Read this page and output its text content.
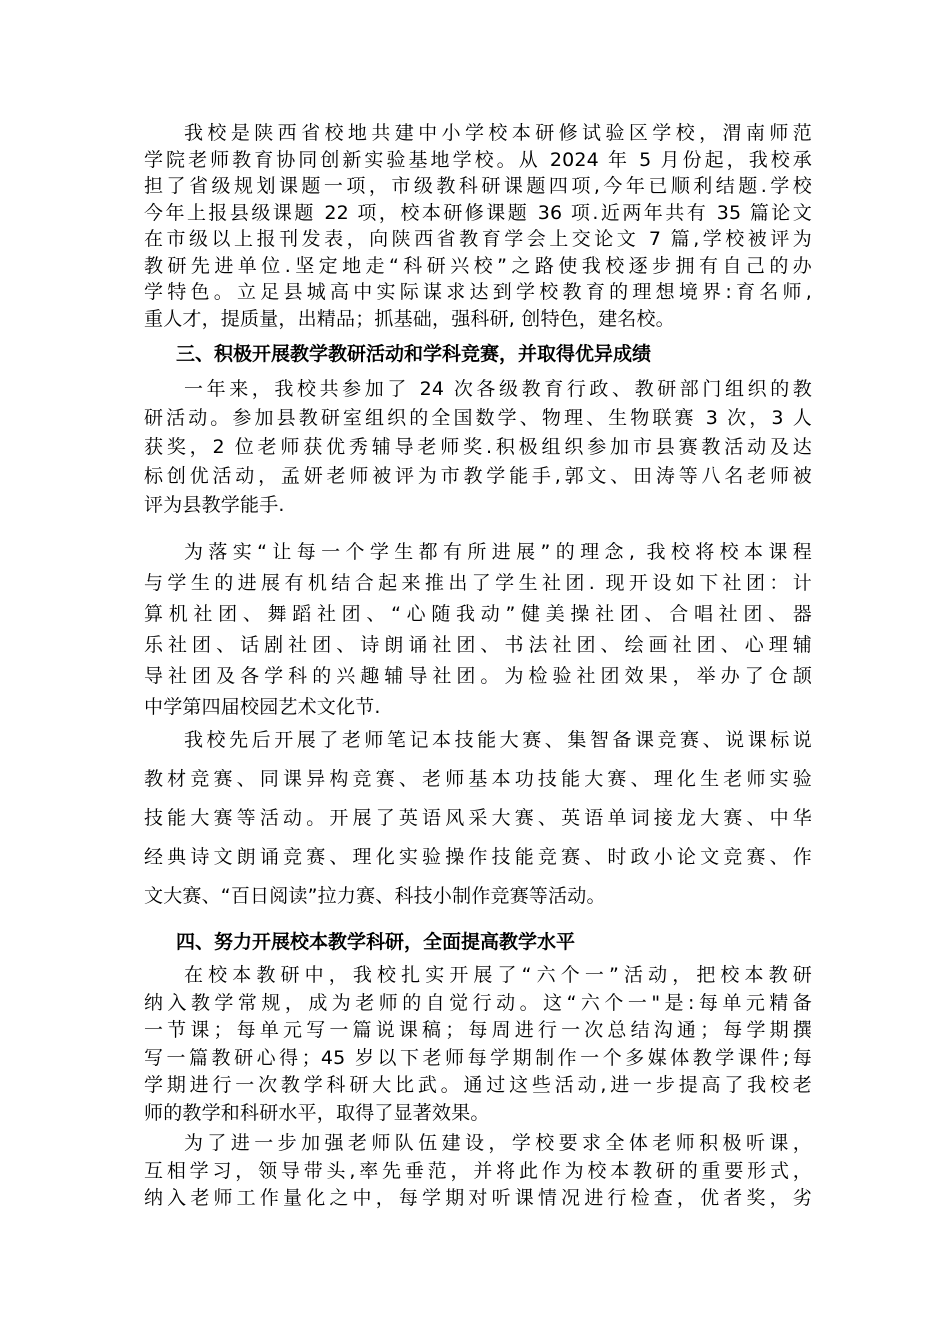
我校是陕西省校地共建中小学校本研修试验区学校，渭南师范
学院老师教育协同创新实验基地学校。从 2024 年 5 月份起，我校承
担了省级规划课题一项，市级教科研课题四项,今年已顺利结题.学校
今年上报县级课题 22 项，校本研修课题 36 项.近两年共有 35 篇论文
在市级以上报刊发表，向陕西省教育学会上交论文 7 篇,学校被评为
教研先进单位.坚定地走“科研兴校”之路使我校逐步拥有自己的办
学特色。立足县城高中实际谋求达到学校教育的理想境界:育名师,
重人才，提质量，出精品；抓基础，强科研, 创特色，建名校。
三、积极开展教学教研活动和学科竞赛，并取得优异成绩
一年来，我校共参加了 24 次各级教育行政、教研部门组织的教
研活动。参加县教研室组织的全国数学、物理、生物联赛 3 次，3 人
获奖，2 位老师获优秀辅导老师奖.积极组织参加市县赛教活动及达
标创优活动，孟妍老师被评为市教学能手,郭文、田涛等八名老师被
评为县教学能手.
为落实“让每一个学生都有所进展”的理念, 我校将校本课程
与学生的进展有机结合起来推出了学生社团. 现开设如下社团：计
算机社团、舞蹈社团、“心随我动”健美操社团、合唱社团、器
乐社团、话剧社团、诗朗诵社团、书法社团、绘画社团、心理辅
导社团及各学科的兴趣辅导社团。为检验社团效果，举办了仓颉
中学第四届校园艺术文化节.
我校先后开展了老师笔记本技能大赛、集智备课竞赛、说课标说
教材竞赛、同课异构竞赛、老师基本功技能大赛、理化生老师实验
技能大赛等活动。开展了英语风采大赛、英语单词接龙大赛、中华
经典诗文朗诵竞赛、理化实验操作技能竞赛、时政小论文竞赛、作
文大赛、“百日阅读”拉力赛、科技小制作竞赛等活动。
四、努力开展校本教学科研，全面提高教学水平
在校本教研中，我校扎实开展了“六个一”活动，把校本教研
纳入教学常规，成为老师的自觉行动。这“六个一"是:每单元精备
一节课；每单元写一篇说课稿；每周进行一次总结沟通；每学期撰
写一篇教研心得；45 岁以下老师每学期制作一个多媒体教学课件;每
学期进行一次教学科研大比武。通过这些活动,进一步提高了我校老
师的教学和科研水平，取得了显著效果。
为了进一步加强老师队伍建设，学校要求全体老师积极听课，
互相学习，领导带头,率先垂范，并将此作为校本教研的重要形式，
纳入老师工作量化之中，每学期对听课情况进行检查，优者奖，劣
